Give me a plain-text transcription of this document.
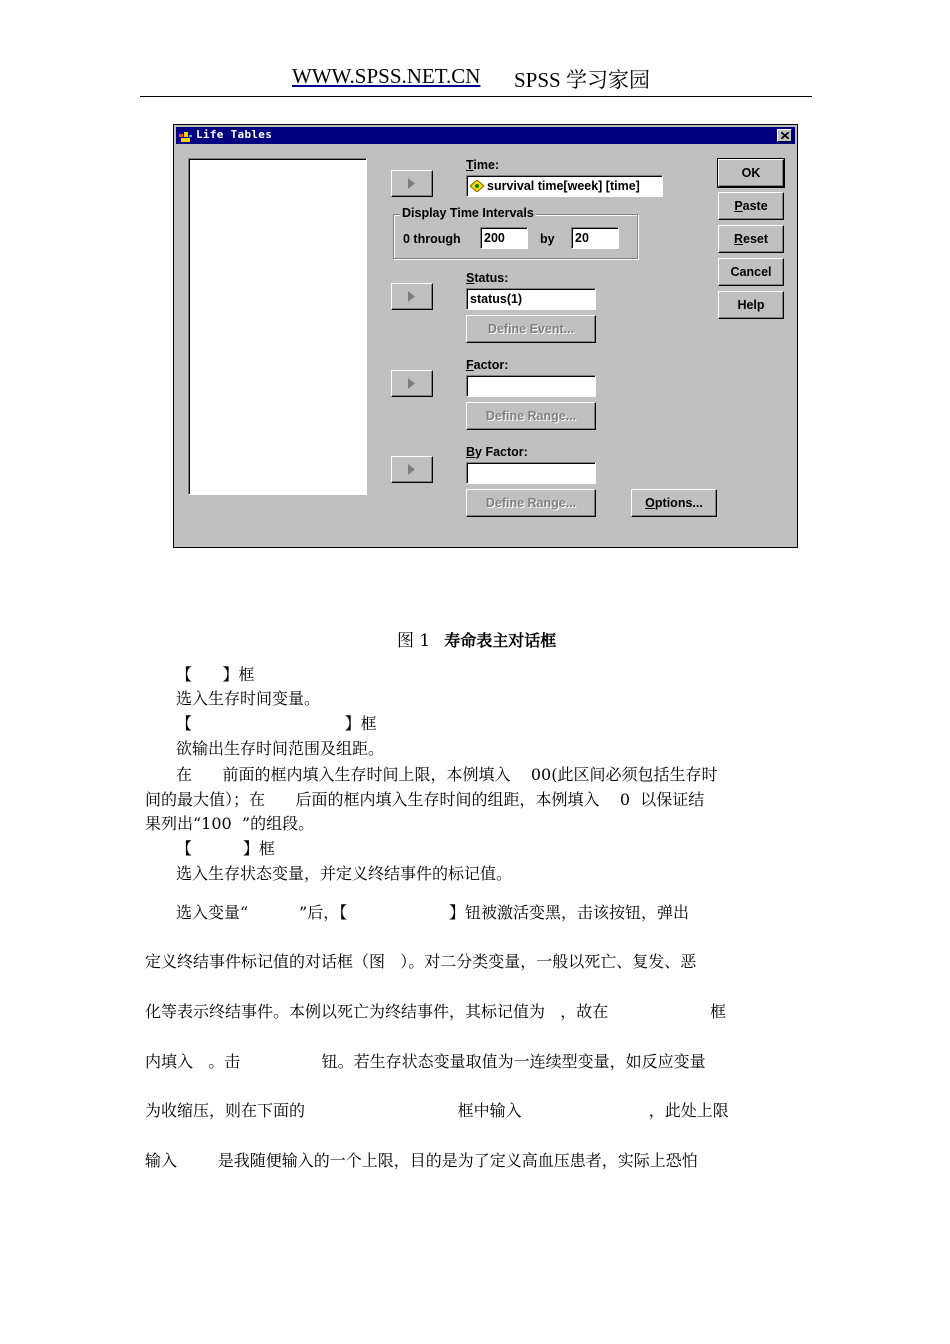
WWW.SPSS.NET.CN SPSS 学习家园
Life Tables
Time:
survival time[week] [time]
Display Time Intervals
0 through	200	by	20
Status:
status(1)
Define Event...
Factor:
Define Range...
By Factor:
Define Range...	Options...
OK
Paste
Reset
Cancel
Help
图 1 寿命表主对话框
【      】框
选入生存时间变量。
【                              】框
欲输出生存时间范围及组距。
在      前面的框内填入生存时间上限，本例填入    00(此区间必须包括生存时
间的最大值）；在      后面的框内填入生存时间的组距，本例填入    0  以保证结
果列出“100  ”的组段。
【          】框
选入生存状态变量，并定义终结事件的标记值。
选入变量“          ”后，【                    】钮被激活变黑，击该按钮，弹出
定义终结事件标记值的对话框（图   ）。对二分类变量，一般以死亡、复发、恶
化等表示终结事件。本例以死亡为终结事件，其标记值为   ，故在                    框
内填入   。击                钮。若生存状态变量取值为一连续型变量，如反应变量
为收缩压，则在下面的                              框中输入                         ，此处上限
输入        是我随便输入的一个上限，目的是为了定义高血压患者，实际上恐怕
